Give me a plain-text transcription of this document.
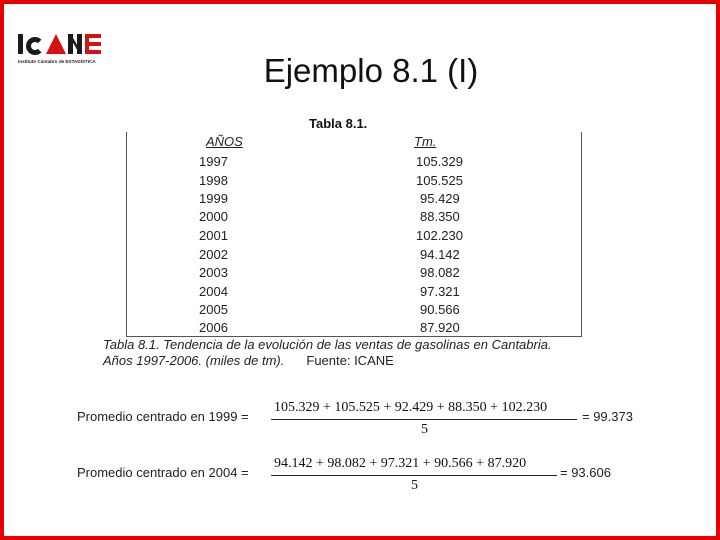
Instituto Cántabro de ESTADÍSTICA	Ejemplo 8.1 (I)
Tabla 8.1.
AÑOS	Tm.
1997	105.329
1998	105.525
1999	95.429
2000	88.350
2001	102.230
2002	94.142
2003	98.082
2004	97.321
2005	90.566
2006	87.920
Tabla 8.1. Tendencia de la evolución de las ventas de gasolinas en Cantabria.
Años 1997-2006. (miles de tm). Fuente: ICANE
Promedio centrado en 1999 =
105.329 + 105.525 + 92.429 + 88.350 + 102.230
5
= 99.373
Promedio centrado en 2004 =
94.142 + 98.082 + 97.321 + 90.566 + 87.920
5
= 93.606
